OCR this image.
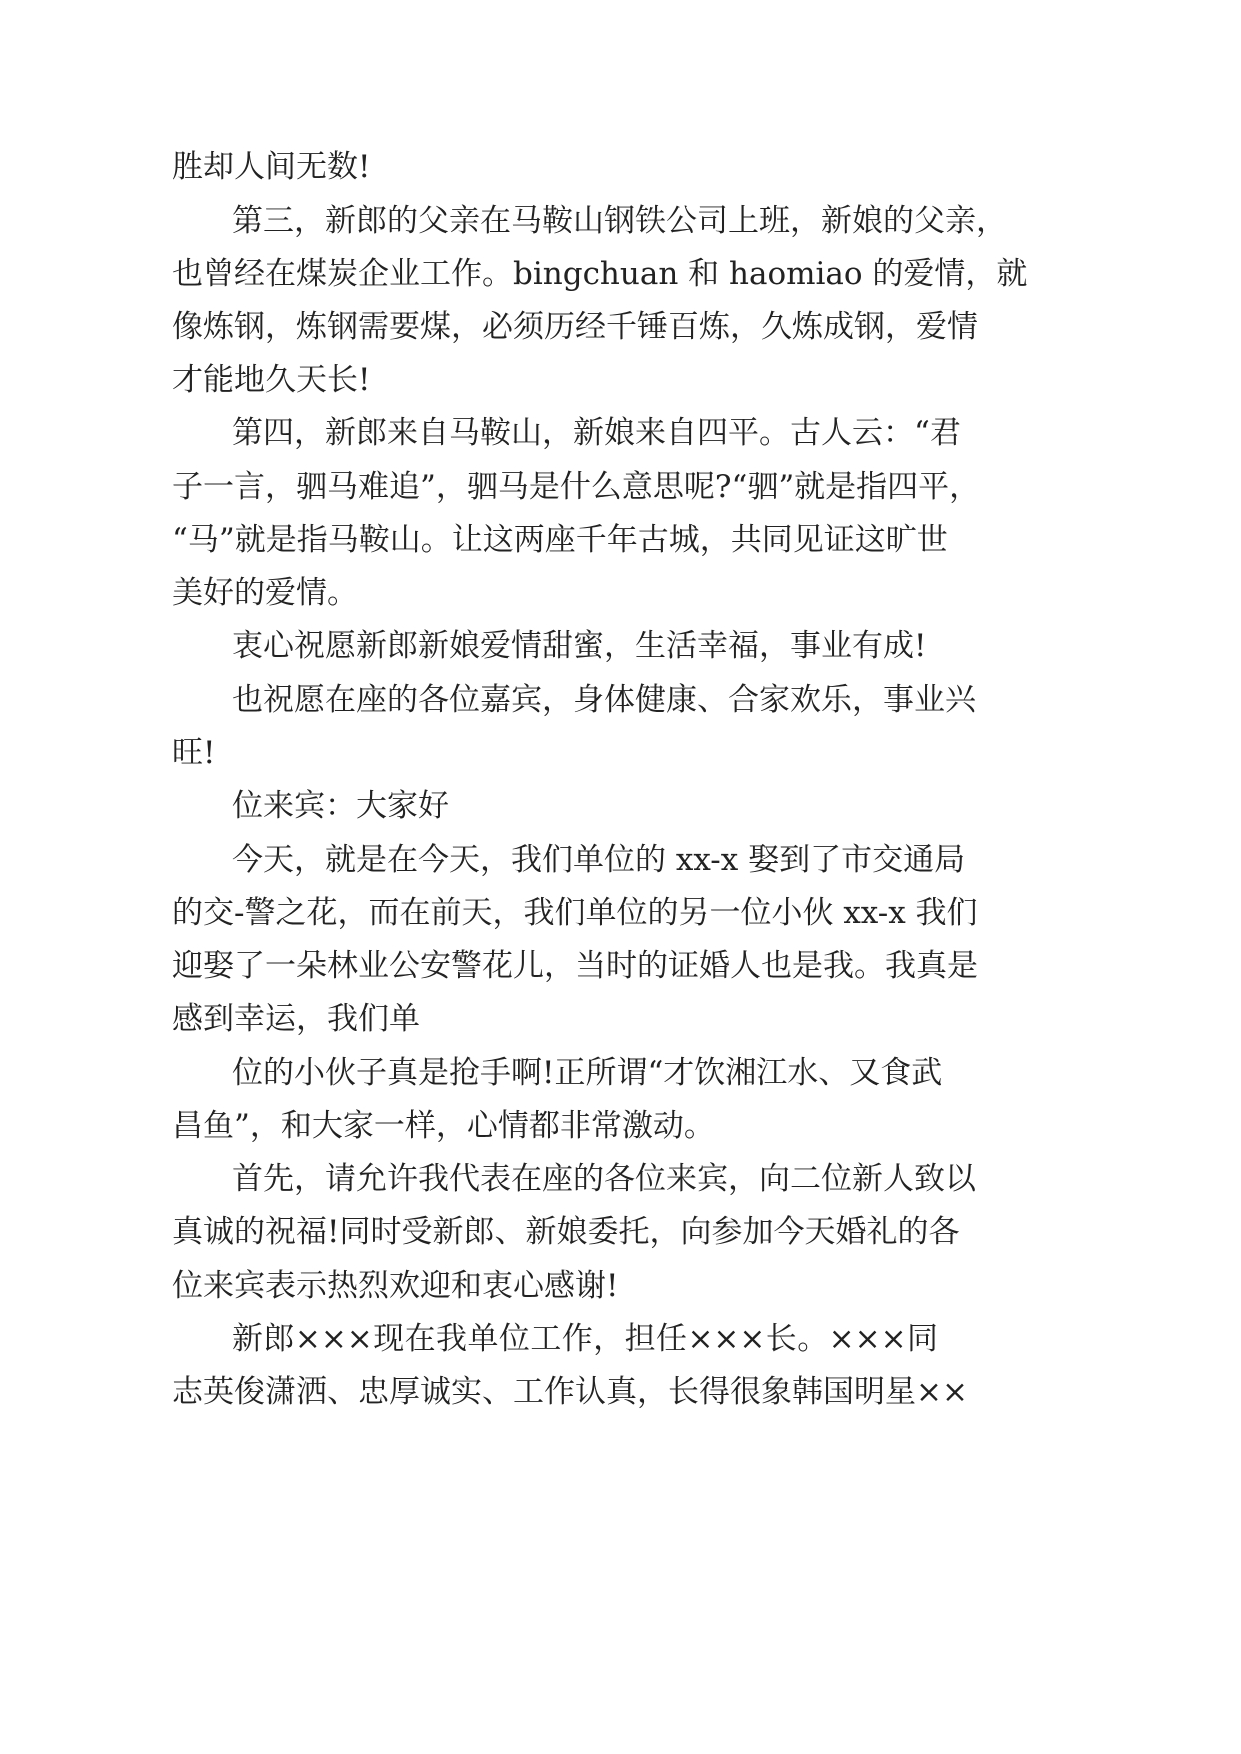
胜却人间无数!
第三，新郎的父亲在马鞍山钢铁公司上班，新娘的父亲，
也曾经在煤炭企业工作。bingchuan 和 haomiao 的爱情，就
像炼钢，炼钢需要煤，必须历经千锤百炼，久炼成钢，爱情
才能地久天长!
第四，新郎来自马鞍山，新娘来自四平。古人云：“君
子一言，驷马难追”，驷马是什么意思呢?“驷”就是指四平，
“马”就是指马鞍山。让这两座千年古城，共同见证这旷世
美好的爱情。
衷心祝愿新郎新娘爱情甜蜜，生活幸福，事业有成!
也祝愿在座的各位嘉宾，身体健康、合家欢乐，事业兴
旺!
位来宾：大家好
今天，就是在今天，我们单位的 xx-x 娶到了市交通局
的交-警之花，而在前天，我们单位的另一位小伙 xx-x 我们
迎娶了一朵林业公安警花儿，当时的证婚人也是我。我真是
感到幸运，我们单
位的小伙子真是抢手啊!正所谓“才饮湘江水、又食武
昌鱼”，和大家一样，心情都非常激动。
首先，请允许我代表在座的各位来宾，向二位新人致以
真诚的祝福!同时受新郎、新娘委托，向参加今天婚礼的各
位来宾表示热烈欢迎和衷心感谢!
新郎×××现在我单位工作，担任×××长。×××同
志英俊潇洒、忠厚诚实、工作认真，长得很象韩国明星××
